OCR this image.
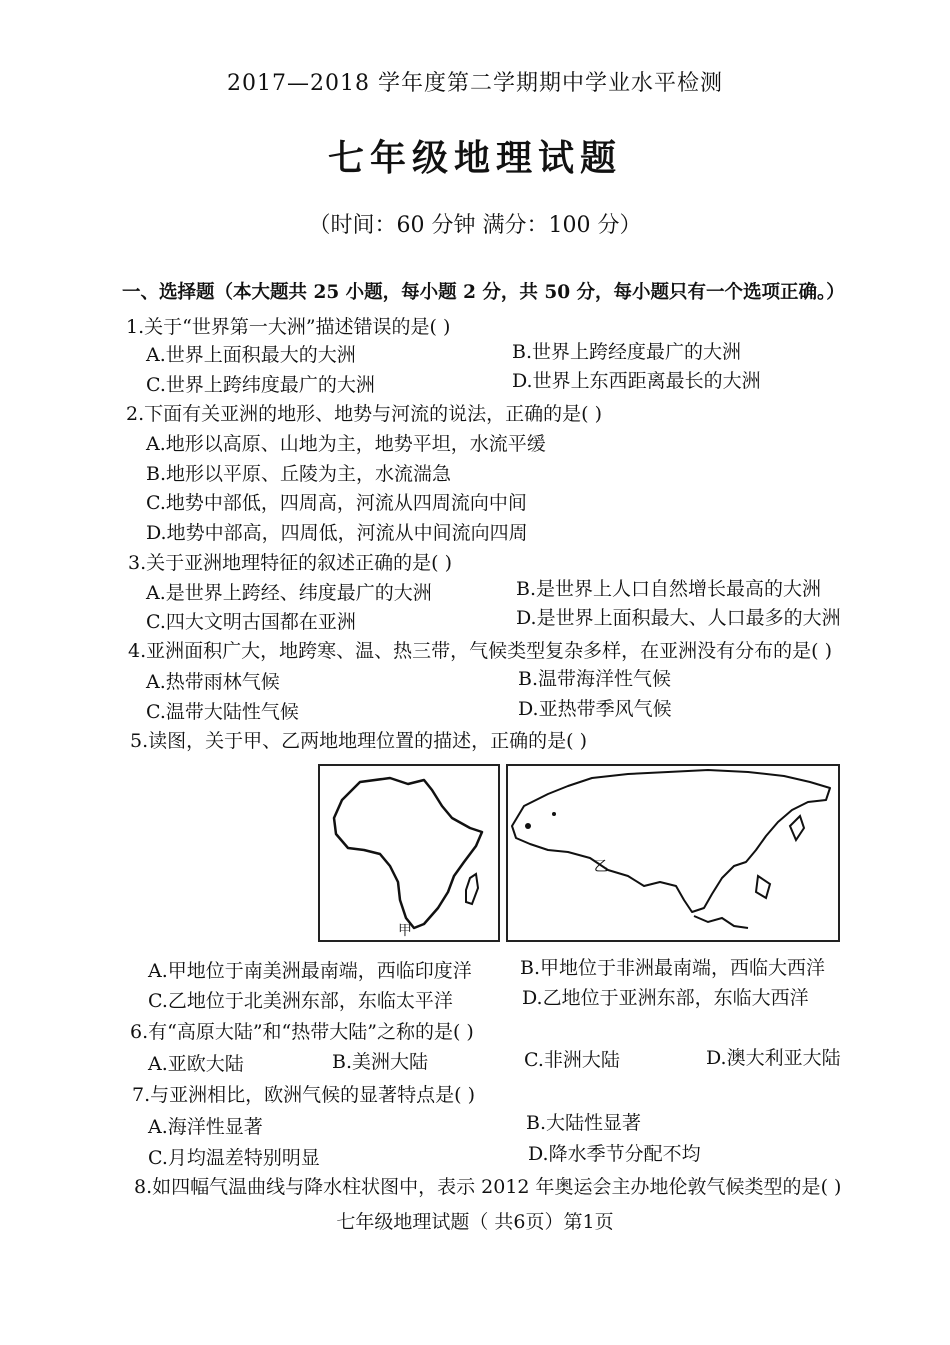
2017—2018 学年度第二学期期中学业水平检测
七年级地理试题
（时间：60 分钟 满分：100 分）
一、选择题（本大题共 25 小题，每小题 2 分，共 50 分，每小题只有一个选项正确。）
1.关于“世界第一大洲”描述错误的是( )
A.世界上面积最大的大洲	B.世界上跨经度最广的大洲
C.世界上跨纬度最广的大洲	D.世界上东西距离最长的大洲
2.下面有关亚洲的地形、地势与河流的说法，正确的是( )
A.地形以高原、山地为主，地势平坦，水流平缓
B.地形以平原、丘陵为主，水流湍急
C.地势中部低，四周高，河流从四周流向中间
D.地势中部高，四周低，河流从中间流向四周
3.关于亚洲地理特征的叙述正确的是( )
A.是世界上跨经、纬度最广的大洲	B.是世界上人口自然增长最高的大洲
C.四大文明古国都在亚洲	D.是世界上面积最大、人口最多的大洲
4.亚洲面积广大，地跨寒、温、热三带，气候类型复杂多样，在亚洲没有分布的是( )
A.热带雨林气候	B.温带海洋性气候
C.温带大陆性气候	D.亚热带季风气候
5.读图，关于甲、乙两地地理位置的描述，正确的是( )
甲
乙
A.甲地位于南美洲最南端，西临印度洋	B.甲地位于非洲最南端，西临大西洋
C.乙地位于北美洲东部，东临太平洋	D.乙地位于亚洲东部，东临大西洋
6.有“高原大陆”和“热带大陆”之称的是( )
A.亚欧大陆	B.美洲大陆	C.非洲大陆	D.澳大利亚大陆
7.与亚洲相比，欧洲气候的显著特点是( )
A.海洋性显著	B.大陆性显著
C.月均温差特别明显	D.降水季节分配不均
8.如四幅气温曲线与降水柱状图中，表示 2012 年奥运会主办地伦敦气候类型的是( )
七年级地理试题（ 共6页）第1页
